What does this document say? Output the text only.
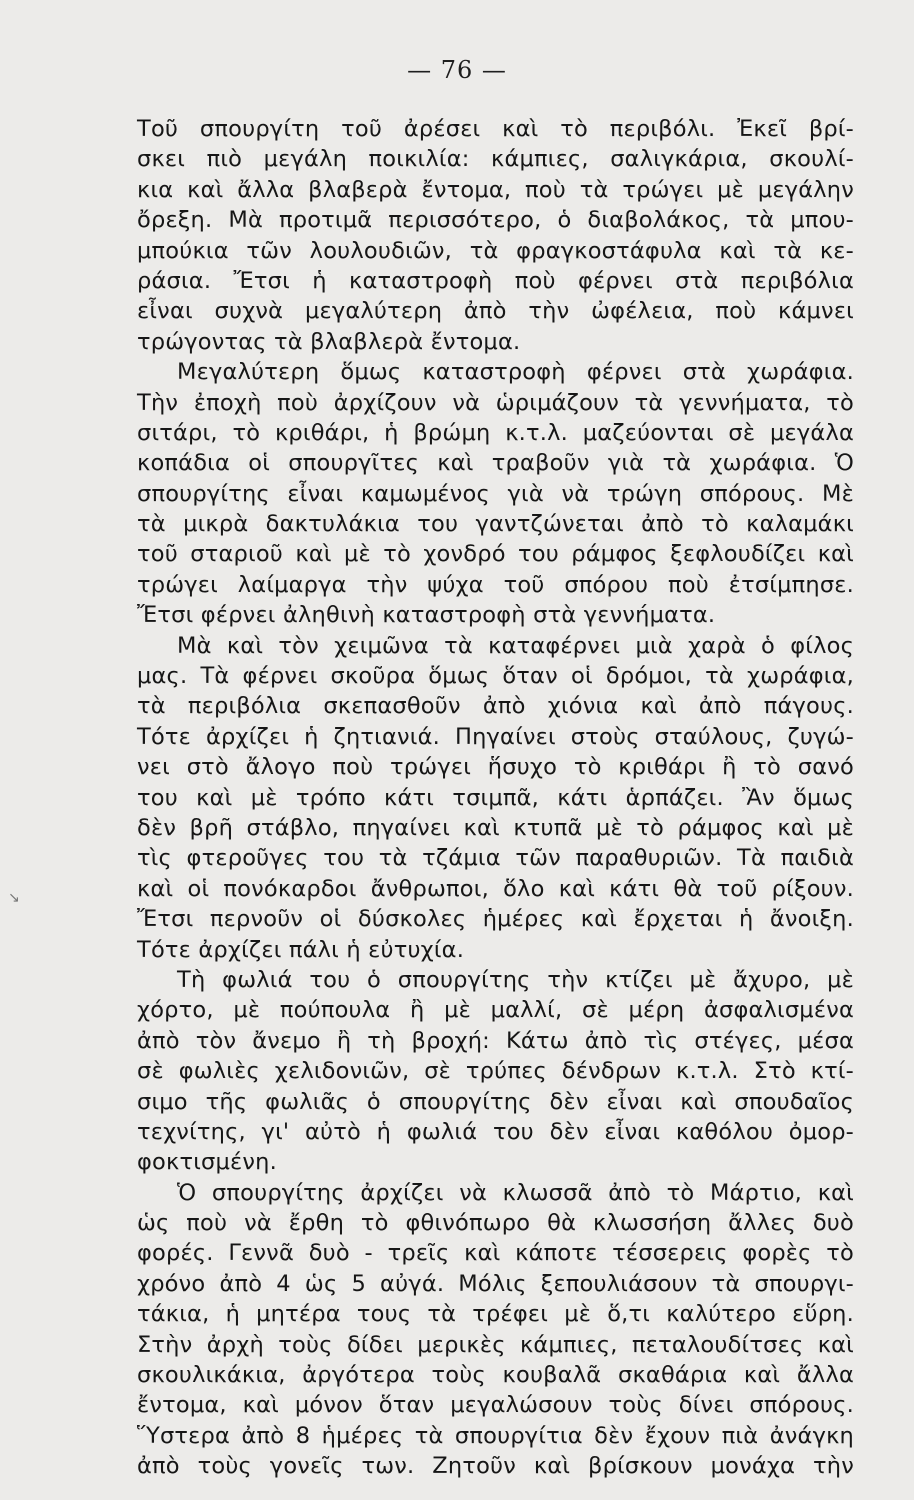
— 76 —
↘
Τοῦ σπουργίτη τοῦ ἀρέσει καὶ τὸ περιβόλι. Ἐκεῖ βρί-
σκει πιὸ μεγάλη ποικιλία: κάμπιες, σαλιγκάρια, σκουλί-
κια καὶ ἄλλα βλαβερὰ ἔντομα, ποὺ τὰ τρώγει μὲ μεγάλην
ὄρεξη. Μὰ προτιμᾶ περισσότερο, ὁ διαβολάκος, τὰ μπου-
μπούκια τῶν λουλουδιῶν, τὰ φραγκοστάφυλα καὶ τὰ κε-
ράσια. Ἔτσι ἡ καταστροφὴ ποὺ φέρνει στὰ περιβόλια
εἶναι συχνὰ μεγαλύτερη ἀπὸ τὴν ὠφέλεια, ποὺ κάμνει
τρώγοντας τὰ βλαβλερὰ ἔντομα.
Μεγαλύτερη ὅμως καταστροφὴ φέρνει στὰ χωράφια.
Τὴν ἐποχὴ ποὺ ἀρχίζουν νὰ ὡριμάζουν τὰ γεννήματα, τὸ
σιτάρι, τὸ κριθάρι, ἡ βρώμη κ.τ.λ. μαζεύονται σὲ μεγάλα
κοπάδια οἱ σπουργῖτες καὶ τραβοῦν γιὰ τὰ χωράφια. Ὁ
σπουργίτης εἶναι καμωμένος γιὰ νὰ τρώγη σπόρους. Μὲ
τὰ μικρὰ δακτυλάκια του γαντζώνεται ἀπὸ τὸ καλαμάκι
τοῦ σταριοῦ καὶ μὲ τὸ χονδρό του ράμφος ξεφλουδίζει καὶ
τρώγει λαίμαργα τὴν ψύχα τοῦ σπόρου ποὺ ἐτσίμπησε.
Ἔτσι φέρνει ἀληθινὴ καταστροφὴ στὰ γεννήματα.
Μὰ καὶ τὸν χειμῶνα τὰ καταφέρνει μιὰ χαρὰ ὁ φίλος
μας. Τὰ φέρνει σκοῦρα ὅμως ὅταν οἱ δρόμοι, τὰ χωράφια,
τὰ περιβόλια σκεπασθοῦν ἀπὸ χιόνια καὶ ἀπὸ πάγους.
Τότε ἀρχίζει ἡ ζητιανιά. Πηγαίνει στοὺς σταύλους, ζυγώ-
νει στὸ ἄλογο ποὺ τρώγει ἥσυχο τὸ κριθάρι ἢ τὸ σανό
του καὶ μὲ τρόπο κάτι τσιμπᾶ, κάτι ἁρπάζει. Ἂν ὅμως
δὲν βρῆ στάβλο, πηγαίνει καὶ κτυπᾶ μὲ τὸ ράμφος καὶ μὲ
τὶς φτεροῦγες του τὰ τζάμια τῶν παραθυριῶν. Τὰ παιδιὰ
καὶ οἱ πονόκαρδοι ἄνθρωποι, ὅλο καὶ κάτι θὰ τοῦ ρίξουν.
Ἔτσι περνοῦν οἱ δύσκολες ἡμέρες καὶ ἔρχεται ἡ ἄνοιξη.
Τότε ἀρχίζει πάλι ἡ εὐτυχία.
Τὴ φωλιά του ὁ σπουργίτης τὴν κτίζει μὲ ἄχυρο, μὲ
χόρτο, μὲ πούπουλα ἢ μὲ μαλλί, σὲ μέρη ἀσφαλισμένα
ἀπὸ τὸν ἄνεμο ἢ τὴ βροχή: Κάτω ἀπὸ τὶς στέγες, μέσα
σὲ φωλιὲς χελιδονιῶν, σὲ τρύπες δένδρων κ.τ.λ. Στὸ κτί-
σιμο τῆς φωλιᾶς ὁ σπουργίτης δὲν εἶναι καὶ σπουδαῖος
τεχνίτης, γι' αὐτὸ ἡ φωλιά του δὲν εἶναι καθόλου ὀμορ-
φοκτισμένη.
Ὁ σπουργίτης ἀρχίζει νὰ κλωσσᾶ ἀπὸ τὸ Μάρτιο, καὶ
ὡς ποὺ νὰ ἔρθη τὸ φθινόπωρο θὰ κλωσσήση ἄλλες δυὸ
φορές. Γεννᾶ δυὸ - τρεῖς καὶ κάποτε τέσσερεις φορὲς τὸ
χρόνο ἀπὸ 4 ὡς 5 αὐγά. Μόλις ξεπουλιάσουν τὰ σπουργι-
τάκια, ἡ μητέρα τους τὰ τρέφει μὲ ὅ,τι καλύτερο εὕρη.
Στὴν ἀρχὴ τοὺς δίδει μερικὲς κάμπιες, πεταλουδίτσες καὶ
σκουλικάκια, ἀργότερα τοὺς κουβαλᾶ σκαθάρια καὶ ἄλλα
ἔντομα, καὶ μόνον ὅταν μεγαλώσουν τοὺς δίνει σπόρους.
Ὕστερα ἀπὸ 8 ἡμέρες τὰ σπουργίτια δὲν ἔχουν πιὰ ἀνάγκη
ἀπὸ τοὺς γονεῖς των. Ζητοῦν καὶ βρίσκουν μονάχα τὴν
